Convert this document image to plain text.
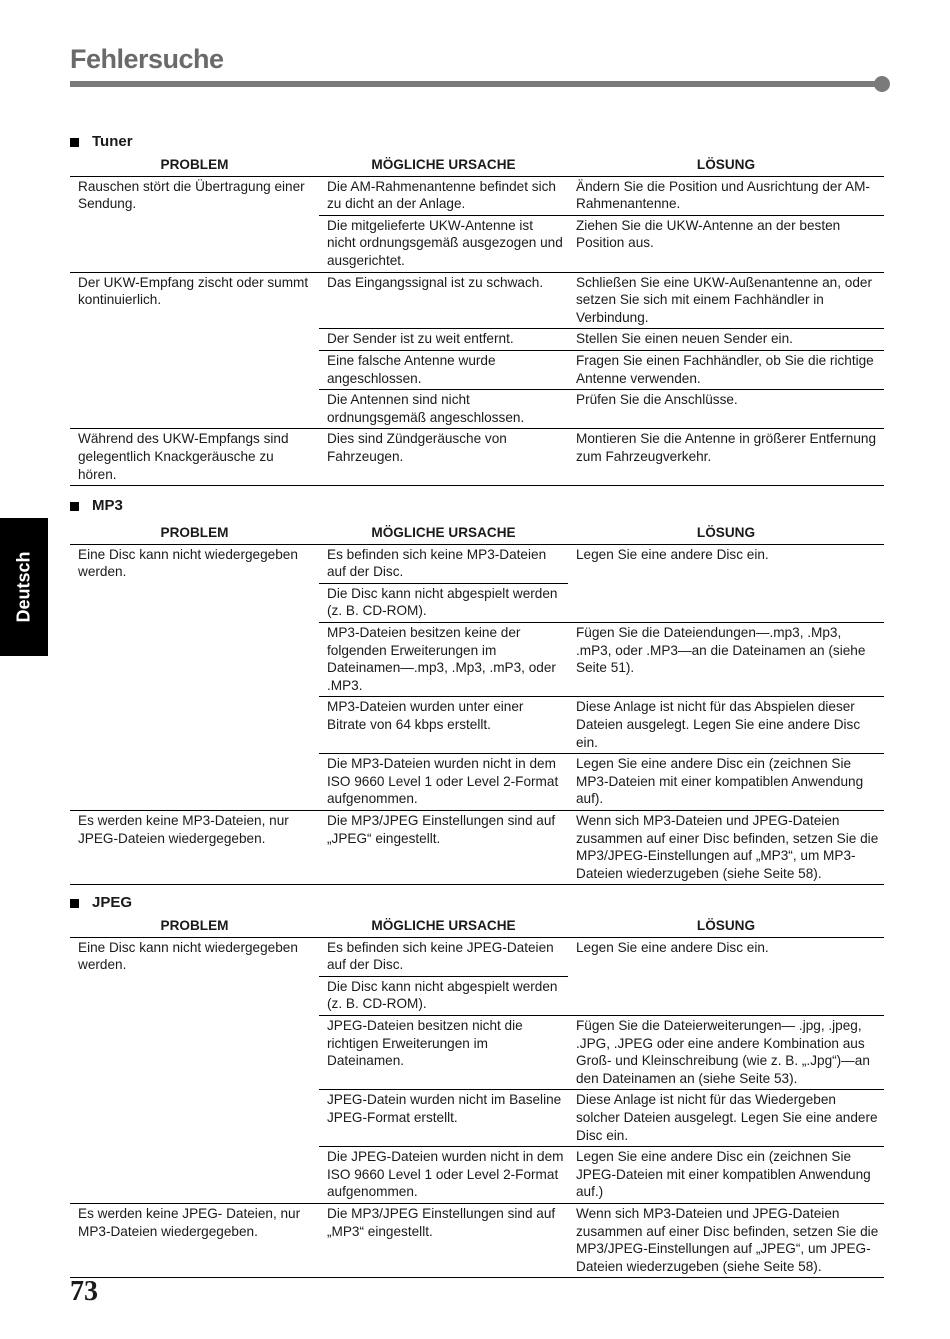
Fehlersuche
Deutsch
Tuner
PROBLEM	MÖGLICHE URSACHE	LÖSUNG
Rauschen stört die Übertragung einer Sendung.	Die AM-Rahmenantenne befindet sich zu dicht an der Anlage.	Ändern Sie die Position und Ausrichtung der AM-Rahmenantenne.
	Die mitgelieferte UKW-Antenne ist nicht ordnungsgemäß ausgezogen und ausgerichtet.	Ziehen Sie die UKW-Antenne an der besten Position aus.
Der UKW-Empfang zischt oder summt kontinuierlich.	Das Eingangssignal ist zu schwach.	Schließen Sie eine UKW-Außenantenne an, oder setzen Sie sich mit einem Fachhändler in Verbindung.
	Der Sender ist zu weit entfernt.	Stellen Sie einen neuen Sender ein.
	Eine falsche Antenne wurde angeschlossen.	Fragen Sie einen Fachhändler, ob Sie die richtige Antenne verwenden.
	Die Antennen sind nicht ordnungsgemäß angeschlossen.	Prüfen Sie die Anschlüsse.
Während des UKW-Empfangs sind gelegentlich Knackgeräusche zu hören.	Dies sind Zündgeräusche von Fahrzeugen.	Montieren Sie die Antenne in größerer Entfernung zum Fahrzeugverkehr.
MP3
PROBLEM	MÖGLICHE URSACHE	LÖSUNG
Eine Disc kann nicht wiedergegeben werden.	Es befinden sich keine MP3-Dateien auf der Disc.	Legen Sie eine andere Disc ein.
	Die Disc kann nicht abgespielt werden (z. B. CD-ROM).	
	MP3-Dateien besitzen keine der folgenden Erweiterungen im Dateinamen—.mp3, .Mp3, .mP3, oder .MP3.	Fügen Sie die Dateiendungen—.mp3, .Mp3, .mP3, oder .MP3—an die Dateinamen an (siehe Seite 51).
	MP3-Dateien wurden unter einer Bitrate von 64 kbps erstellt.	Diese Anlage ist nicht für das Abspielen dieser Dateien ausgelegt. Legen Sie eine andere Disc ein.
	Die MP3-Dateien wurden nicht in dem ISO 9660 Level 1 oder Level 2-Format aufgenommen.	Legen Sie eine andere Disc ein (zeichnen Sie MP3-Dateien mit einer kompatiblen Anwendung auf).
Es werden keine MP3-Dateien, nur JPEG-Dateien wiedergegeben.	Die MP3/JPEG Einstellungen sind auf „JPEG“ eingestellt.	Wenn sich MP3-Dateien und JPEG-Dateien zusammen auf einer Disc befinden, setzen Sie die MP3/JPEG-Einstellungen auf „MP3“, um MP3-Dateien wiederzugeben (siehe Seite 58).
JPEG
PROBLEM	MÖGLICHE URSACHE	LÖSUNG
Eine Disc kann nicht wiedergegeben werden.	Es befinden sich keine JPEG-Dateien auf der Disc.	Legen Sie eine andere Disc ein.
	Die Disc kann nicht abgespielt werden (z. B. CD-ROM).	
	JPEG-Dateien besitzen nicht die richtigen Erweiterungen im Dateinamen.	Fügen Sie die Dateierweiterungen— .jpg, .jpeg, .JPG, .JPEG oder eine andere Kombination aus Groß- und Kleinschreibung (wie z. B. „.Jpg“)—an den Dateinamen an (siehe Seite 53).
	JPEG-Datein wurden nicht im Baseline JPEG-Format erstellt.	Diese Anlage ist nicht für das Wiedergeben solcher Dateien ausgelegt. Legen Sie eine andere Disc ein.
	Die JPEG-Dateien wurden nicht in dem ISO 9660 Level 1 oder Level 2-Format aufgenommen.	Legen Sie eine andere Disc ein (zeichnen Sie JPEG-Dateien mit einer kompatiblen Anwendung auf.)
Es werden keine JPEG- Dateien, nur MP3-Dateien wiedergegeben.	Die MP3/JPEG Einstellungen sind auf „MP3“ eingestellt.	Wenn sich MP3-Dateien und JPEG-Dateien zusammen auf einer Disc befinden, setzen Sie die MP3/JPEG-Einstellungen auf „JPEG“, um JPEG-Dateien wiederzugeben (siehe Seite 58).
73
